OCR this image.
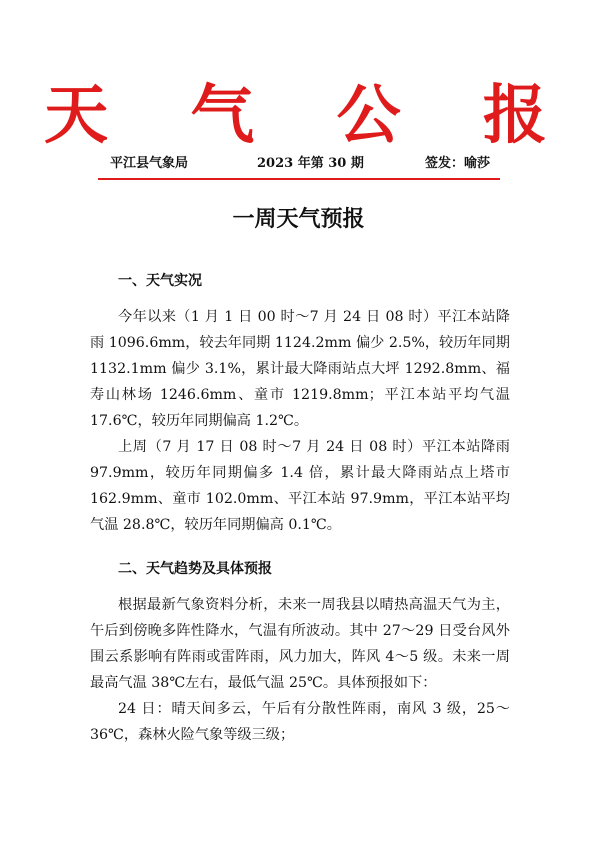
天 气 公 报
平江县气象局	2023 年第 30 期	签发：喻莎
一周天气预报

一、天气实况

今年以来（1 月 1 日 00 时～7 月 24 日 08 时）平江本站降雨 1096.6mm，较去年同期 1124.2mm 偏少 2.5%，较历年同期 1132.1mm 偏少 3.1%，累计最大降雨站点大坪 1292.8mm、福寿山林场 1246.6mm、童市 1219.8mm；平江本站平均气温 17.6℃，较历年同期偏高 1.2℃。

上周（7 月 17 日 08 时～7 月 24 日 08 时）平江本站降雨 97.9mm，较历年同期偏多 1.4 倍，累计最大降雨站点上塔市 162.9mm、童市 102.0mm、平江本站 97.9mm，平江本站平均气温 28.8℃，较历年同期偏高 0.1℃。

二、天气趋势及具体预报

根据最新气象资料分析，未来一周我县以晴热高温天气为主，午后到傍晚多阵性降水，气温有所波动。其中 27～29 日受台风外围云系影响有阵雨或雷阵雨，风力加大，阵风 4～5 级。未来一周最高气温 38℃左右，最低气温 25℃。具体预报如下：

24 日：晴天间多云，午后有分散性阵雨，南风 3 级，25～36℃，森林火险气象等级三级；
